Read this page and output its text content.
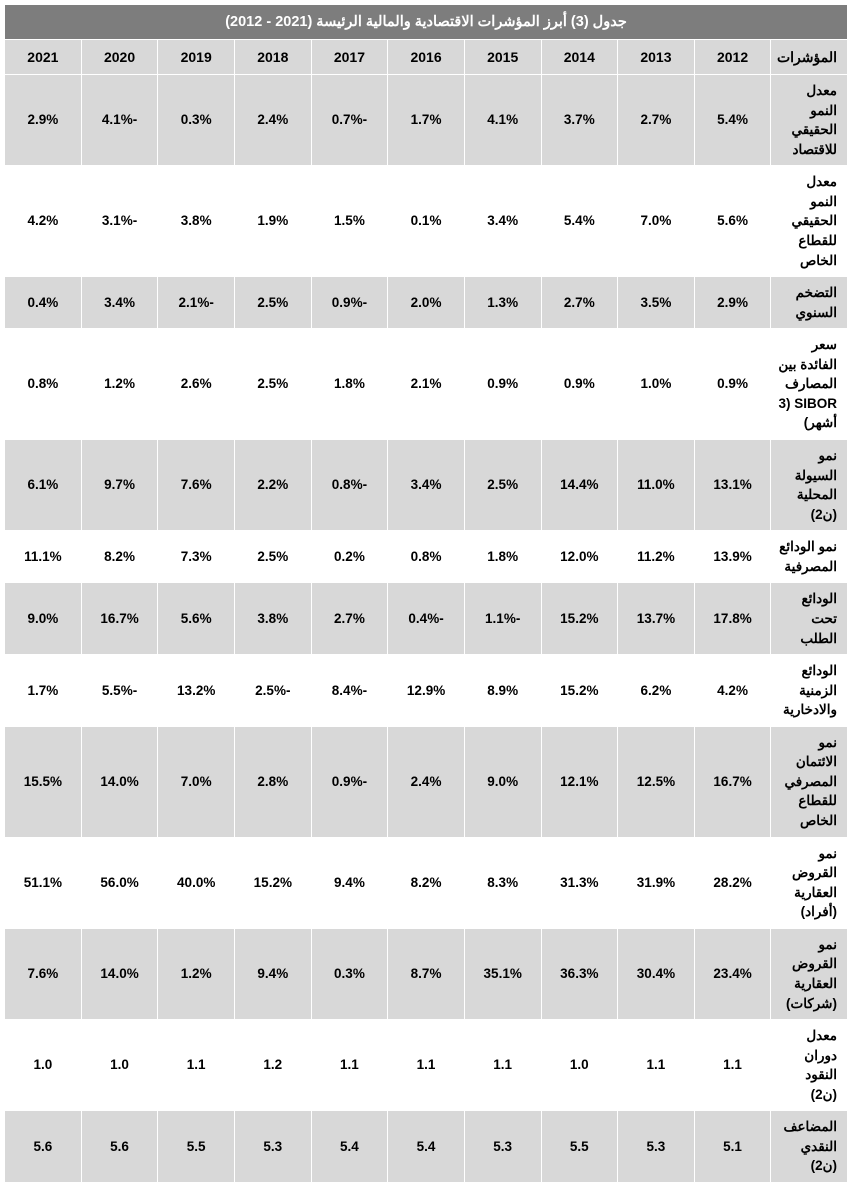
جدول (3) أبرز المؤشرات الاقتصادية والمالية الرئيسة (2021 - 2012)										
المؤشرات	2012	2013	2014	2015	2016	2017	2018	2019	2020	2021
معدل النمو الحقيقي للاقتصاد	5.4%	2.7%	3.7%	4.1%	1.7%	-0.7%	2.4%	0.3%	-4.1%	2.9%
معدل النمو الحقيقي للقطاع الخاص	5.6%	7.0%	5.4%	3.4%	0.1%	1.5%	1.9%	3.8%	-3.1%	4.2%
التضخم السنوي	2.9%	3.5%	2.7%	1.3%	2.0%	-0.9%	2.5%	-2.1%	3.4%	0.4%
سعر الفائدة بين المصارف SIBOR (3 أشهر)	0.9%	1.0%	0.9%	0.9%	2.1%	1.8%	2.5%	2.6%	1.2%	0.8%
نمو السيولة المحلية (ن2)	13.1%	11.0%	14.4%	2.5%	3.4%	-0.8%	2.2%	7.6%	9.7%	6.1%
نمو الودائع المصرفية	13.9%	11.2%	12.0%	1.8%	0.8%	0.2%	2.5%	7.3%	8.2%	11.1%
الودائع تحت الطلب	17.8%	13.7%	15.2%	-1.1%	-0.4%	2.7%	3.8%	5.6%	16.7%	9.0%
الودائع الزمنية والادخارية	4.2%	6.2%	15.2%	8.9%	12.9%	-8.4%	-2.5%	13.2%	-5.5%	1.7%
نمو الائتمان المصرفي للقطاع الخاص	16.7%	12.5%	12.1%	9.0%	2.4%	-0.9%	2.8%	7.0%	14.0%	15.5%
نمو القروض العقارية (أفراد)	28.2%	31.9%	31.3%	8.3%	8.2%	9.4%	15.2%	40.0%	56.0%	51.1%
نمو القروض العقارية (شركات)	23.4%	30.4%	36.3%	35.1%	8.7%	0.3%	9.4%	1.2%	14.0%	7.6%
معدل دوران النقود (ن2)	1.1	1.1	1.0	1.1	1.1	1.1	1.2	1.1	1.0	1.0
المضاعف النقدي (ن2)	5.1	5.3	5.5	5.3	5.4	5.4	5.3	5.5	5.6	5.6
